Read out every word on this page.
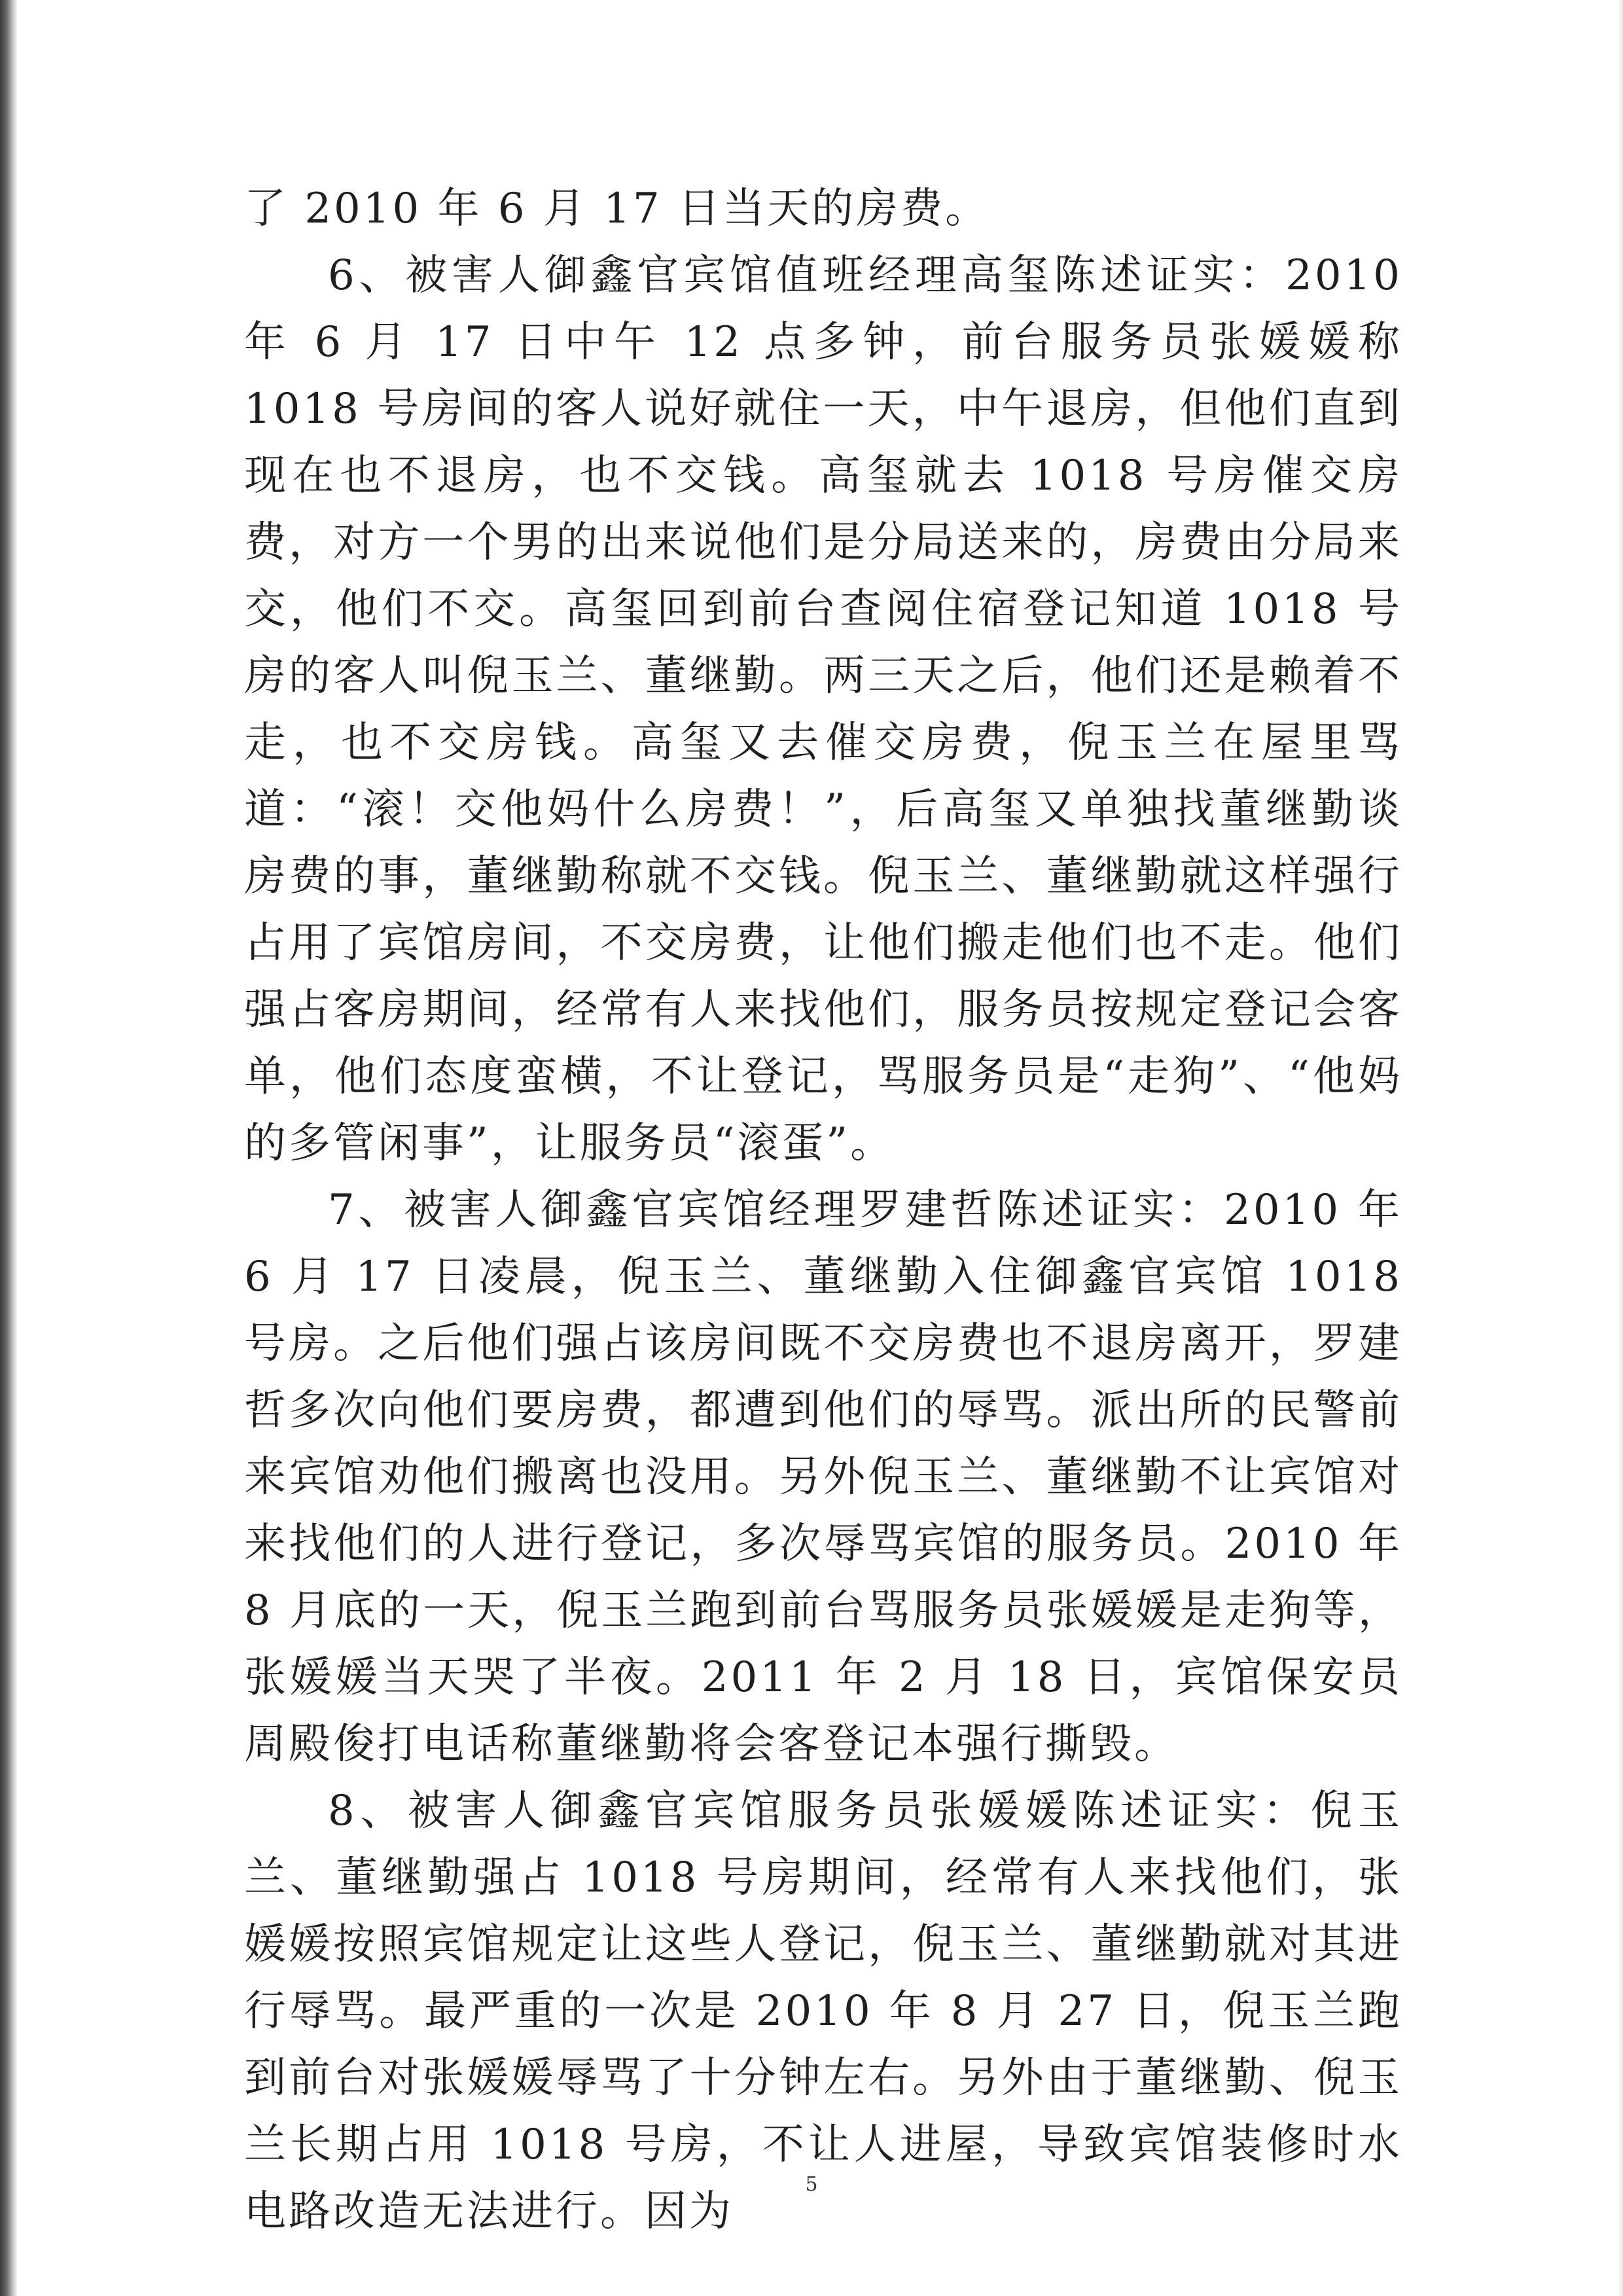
了 2010 年 6 月 17 日当天的房费。

6、被害人御鑫官宾馆值班经理高玺陈述证实：2010 年 6 月 17 日中午 12 点多钟，前台服务员张媛媛称 1018 号房间的客人说好就住一天，中午退房，但他们直到现在也不退房，也不交钱。高玺就去 1018 号房催交房费，对方一个男的出来说他们是分局送来的，房费由分局来交，他们不交。高玺回到前台查阅住宿登记知道 1018 号房的客人叫倪玉兰、董继勤。两三天之后，他们还是赖着不走，也不交房钱。高玺又去催交房费，倪玉兰在屋里骂道：“滚！交他妈什么房费！”，后高玺又单独找董继勤谈房费的事，董继勤称就不交钱。倪玉兰、董继勤就这样强行占用了宾馆房间，不交房费，让他们搬走他们也不走。他们强占客房期间，经常有人来找他们，服务员按规定登记会客单，他们态度蛮横，不让登记，骂服务员是“走狗”、“他妈的多管闲事”，让服务员“滚蛋”。

7、被害人御鑫官宾馆经理罗建哲陈述证实：2010 年 6 月 17 日凌晨，倪玉兰、董继勤入住御鑫官宾馆 1018 号房。之后他们强占该房间既不交房费也不退房离开，罗建哲多次向他们要房费，都遭到他们的辱骂。派出所的民警前来宾馆劝他们搬离也没用。另外倪玉兰、董继勤不让宾馆对来找他们的人进行登记，多次辱骂宾馆的服务员。2010 年 8 月底的一天，倪玉兰跑到前台骂服务员张媛媛是走狗等，张媛媛当天哭了半夜。2011 年 2 月 18 日，宾馆保安员周殿俊打电话称董继勤将会客登记本强行撕毁。

8、被害人御鑫官宾馆服务员张媛媛陈述证实：倪玉兰、董继勤强占 1018 号房期间，经常有人来找他们，张媛媛按照宾馆规定让这些人登记，倪玉兰、董继勤就对其进行辱骂。最严重的一次是 2010 年 8 月 27 日，倪玉兰跑到前台对张媛媛辱骂了十分钟左右。另外由于董继勤、倪玉兰长期占用 1018 号房，不让人进屋，导致宾馆装修时水电路改造无法进行。因为

5
